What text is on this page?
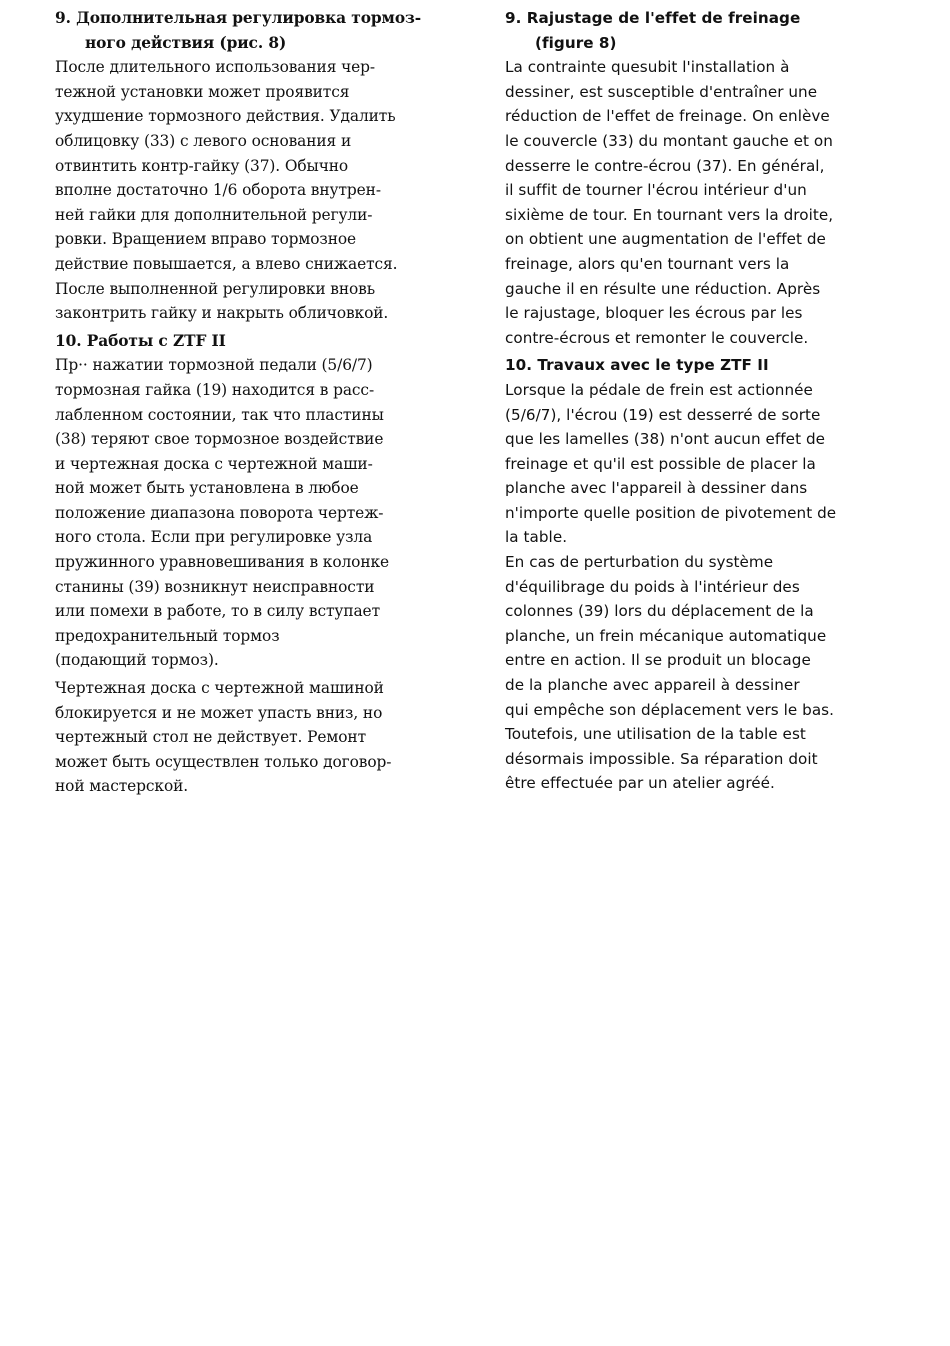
9. Дополнительная регулировка тормоз-
ного действия (рис. 8)
После длительного использования чер-
тежной установки может проявится
ухудшение тормозного действия. Удалить
облицовку (33) с левого основания и
отвинтить контр-гайку (37). Обычно
вполне достаточно 1/6 оборота внутрен-
ней гайки для дополнительной регули-
ровки. Вращением вправо тормозное
действие повышается, а влево снижается.
После выполненной регулировки вновь
законтрить гайку и накрыть обличовкой.
10. Работы с ZTF II
Пр·· нажатии тормозной педали (5/6/7)
тормозная гайка (19) находится в расс-
лабленном состоянии, так что пластины
(38) теряют свое тормозное воздействие
и чертежная доска с чертежной маши-
ной может быть установлена в любое
положение диапазона поворота чертеж-
ного стола. Если при регулировке узла
пружинного уравновешивания в колонке
станины (39) возникнут неисправности
или помехи в работе, то в силу вступает
предохранительный тормоз
(подающий тормоз).
Чертежная доска с чертежной машиной
блокируется и не может упасть вниз, но
чертежный стол не действует. Ремонт
может быть осуществлен только договор-
ной мастерской.
9. Rajustage de l'effet de freinage
(figure 8)
La contrainte quesubit l'installation à
dessiner, est susceptible d'entraîner une
réduction de l'effet de freinage. On enlève
le couvercle (33) du montant gauche et on
desserre le contre-écrou (37). En général,
il suffit de tourner l'écrou intérieur d'un
sixième de tour. En tournant vers la droite,
on obtient une augmentation de l'effet de
freinage, alors qu'en tournant vers la
gauche il en résulte une réduction. Après
le rajustage, bloquer les écrous par les
contre-écrous et remonter le couvercle.
10. Travaux avec le type ZTF II
Lorsque la pédale de frein est actionnée
(5/6/7), l'écrou (19) est desserré de sorte
que les lamelles (38) n'ont aucun effet de
freinage et qu'il est possible de placer la
planche avec l'appareil à dessiner dans
n'importe quelle position de pivotement de
la table.
En cas de perturbation du système
d'équilibrage du poids à l'intérieur des
colonnes (39) lors du déplacement de la
planche, un frein mécanique automatique
entre en action. Il se produit un blocage
de la planche avec appareil à dessiner
qui empêche son déplacement vers le bas.
Toutefois, une utilisation de la table est
désormais impossible. Sa réparation doit
être effectuée par un atelier agréé.
